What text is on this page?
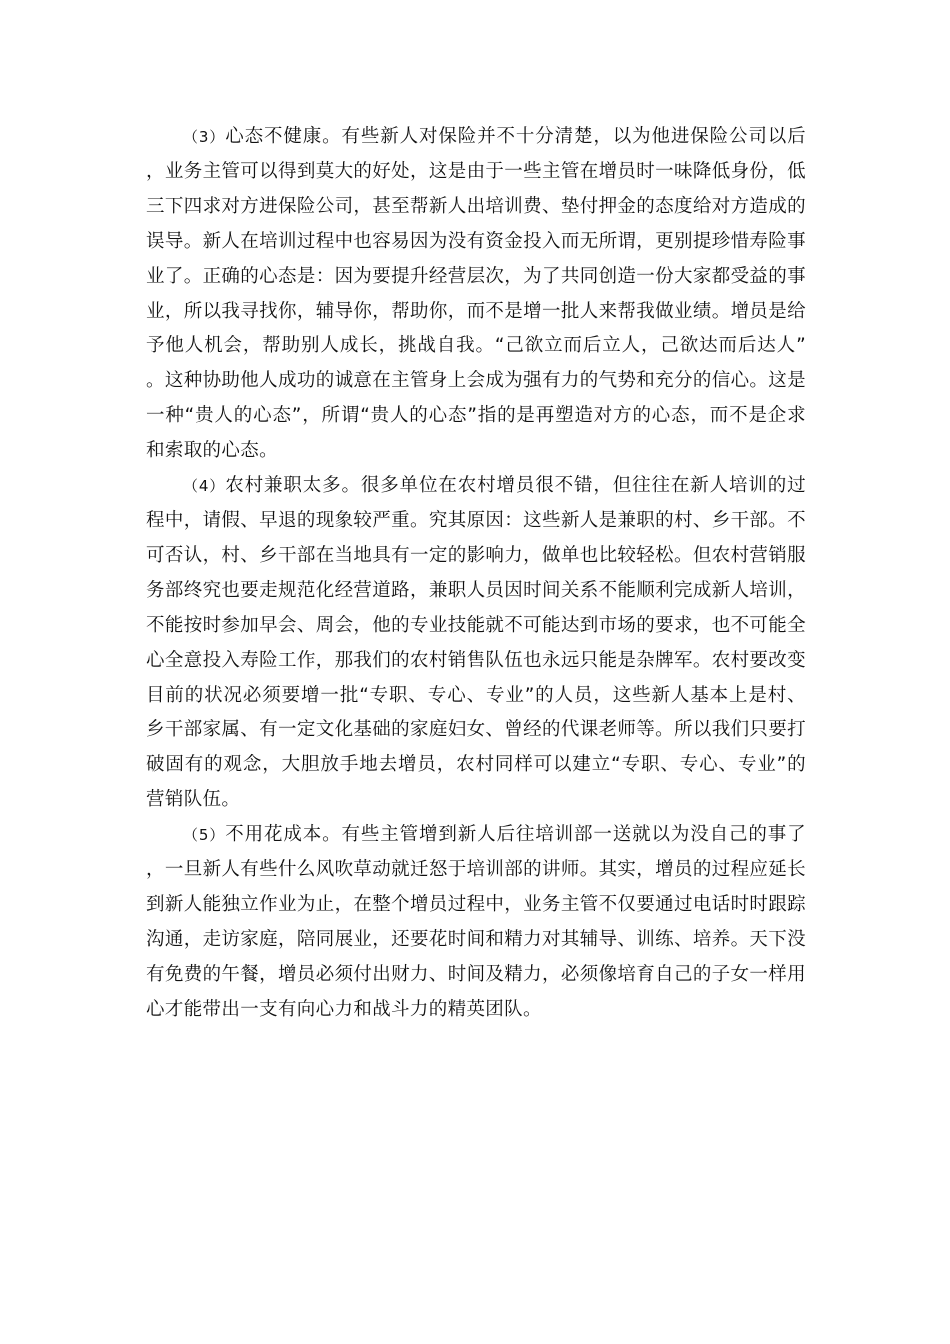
（3）心态不健康。有些新人对保险并不十分清楚，以为他进保险公司以后，业务主管可以得到莫大的好处，这是由于一些主管在增员时一味降低身份，低三下四求对方进保险公司，甚至帮新人出培训费、垫付押金的态度给对方造成的误导。新人在培训过程中也容易因为没有资金投入而无所谓，更别提珍惜寿险事业了。正确的心态是：因为要提升经营层次，为了共同创造一份大家都受益的事业，所以我寻找你，辅导你，帮助你，而不是增一批人来帮我做业绩。增员是给予他人机会，帮助别人成长，挑战自我。“己欲立而后立人，己欲达而后达人” 。这种协助他人成功的诚意在主管身上会成为强有力的气势和充分的信心。这是一种“贵人的心态”，所谓“贵人的心态”指的是再塑造对方的心态，而不是企求和索取的心态。

（4）农村兼职太多。很多单位在农村增员很不错，但往往在新人培训的过程中，请假、早退的现象较严重。究其原因：这些新人是兼职的村、乡干部。不可否认，村、乡干部在当地具有一定的影响力，做单也比较轻松。但农村营销服务部终究也要走规范化经营道路，兼职人员因时间关系不能顺利完成新人培训，不能按时参加早会、周会，他的专业技能就不可能达到市场的要求，也不可能全心全意投入寿险工作，那我们的农村销售队伍也永远只能是杂牌军。农村要改变目前的状况必须要增一批“专职、专心、专业”的人员，这些新人基本上是村、乡干部家属、有一定文化基础的家庭妇女、曾经的代课老师等。所以我们只要打破固有的观念，大胆放手地去增员，农村同样可以建立“专职、专心、专业”的营销队伍。

（5）不用花成本。有些主管增到新人后往培训部一送就以为没自己的事了，一旦新人有些什么风吹草动就迁怒于培训部的讲师。其实，增员的过程应延长到新人能独立作业为止，在整个增员过程中，业务主管不仅要通过电话时时跟踪沟通，走访家庭，陪同展业，还要花时间和精力对其辅导、训练、培养。天下没有免费的午餐，增员必须付出财力、时间及精力，必须像培育自己的子女一样用心才能带出一支有向心力和战斗力的精英团队。
